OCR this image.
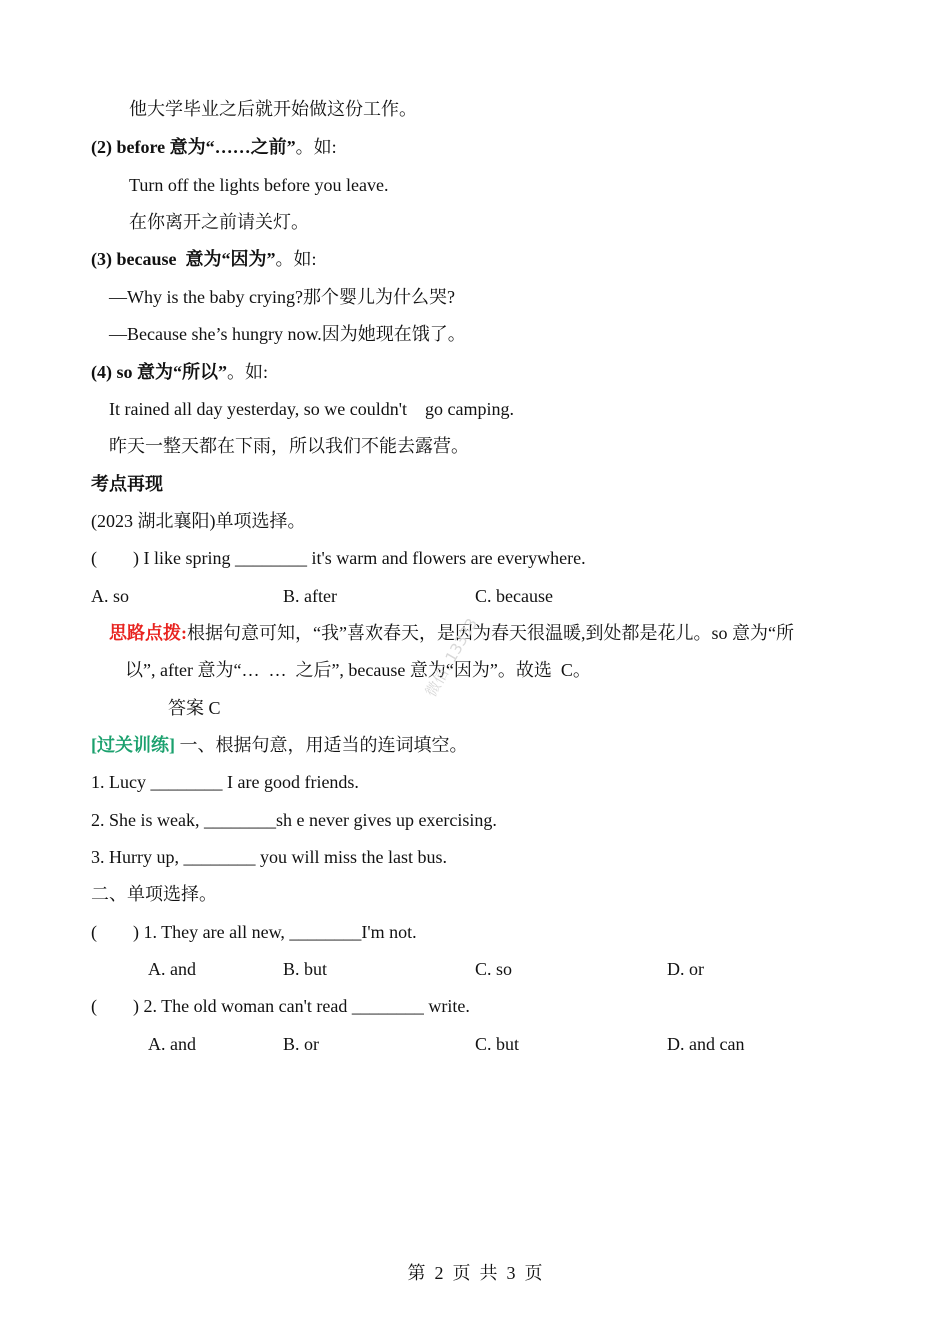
他大学毕业之后就开始做这份工作。
(2) before 意为“……之前”。如:
Turn off the lights before you leave.
在你离开之前请关灯。
(3) because  意为“因为”。如:
—Why is the baby crying?那个婴儿为什么哭?
—Because she’s hungry now.因为她现在饿了。
(4) so 意为“所以”。如:
It rained all day yesterday, so we couldn't    go camping.
昨天一整天都在下雨，所以我们不能去露营。
考点再现
(2023 湖北襄阳)单项选择。
(        ) I like spring ________ it's warm and flowers are everywhere.
A. so	B. after	C. because
思路点拨:根据句意可知，“我”喜欢春天，是因为春天很温暖,到处都是花儿。so 意为“所
以”, after 意为“…  …  之后”, because 意为“因为”。故选  C。
答案 C
[过关训练] 一、根据句意，用适当的连词填空。
1. Lucy ________ I are good friends.
2. She is weak, ________sh e never gives up exercising.
3. Hurry up, ________ you will miss the last bus.
二、单项选择。
(        ) 1. They are all new, ________I'm not.
A. and	B. but	C. so	D. or
(        ) 2. The old woman can't read ________ write.
A. and	B. or	C. but	D. and can
微信: 13333
第  2  页  共  3  页
